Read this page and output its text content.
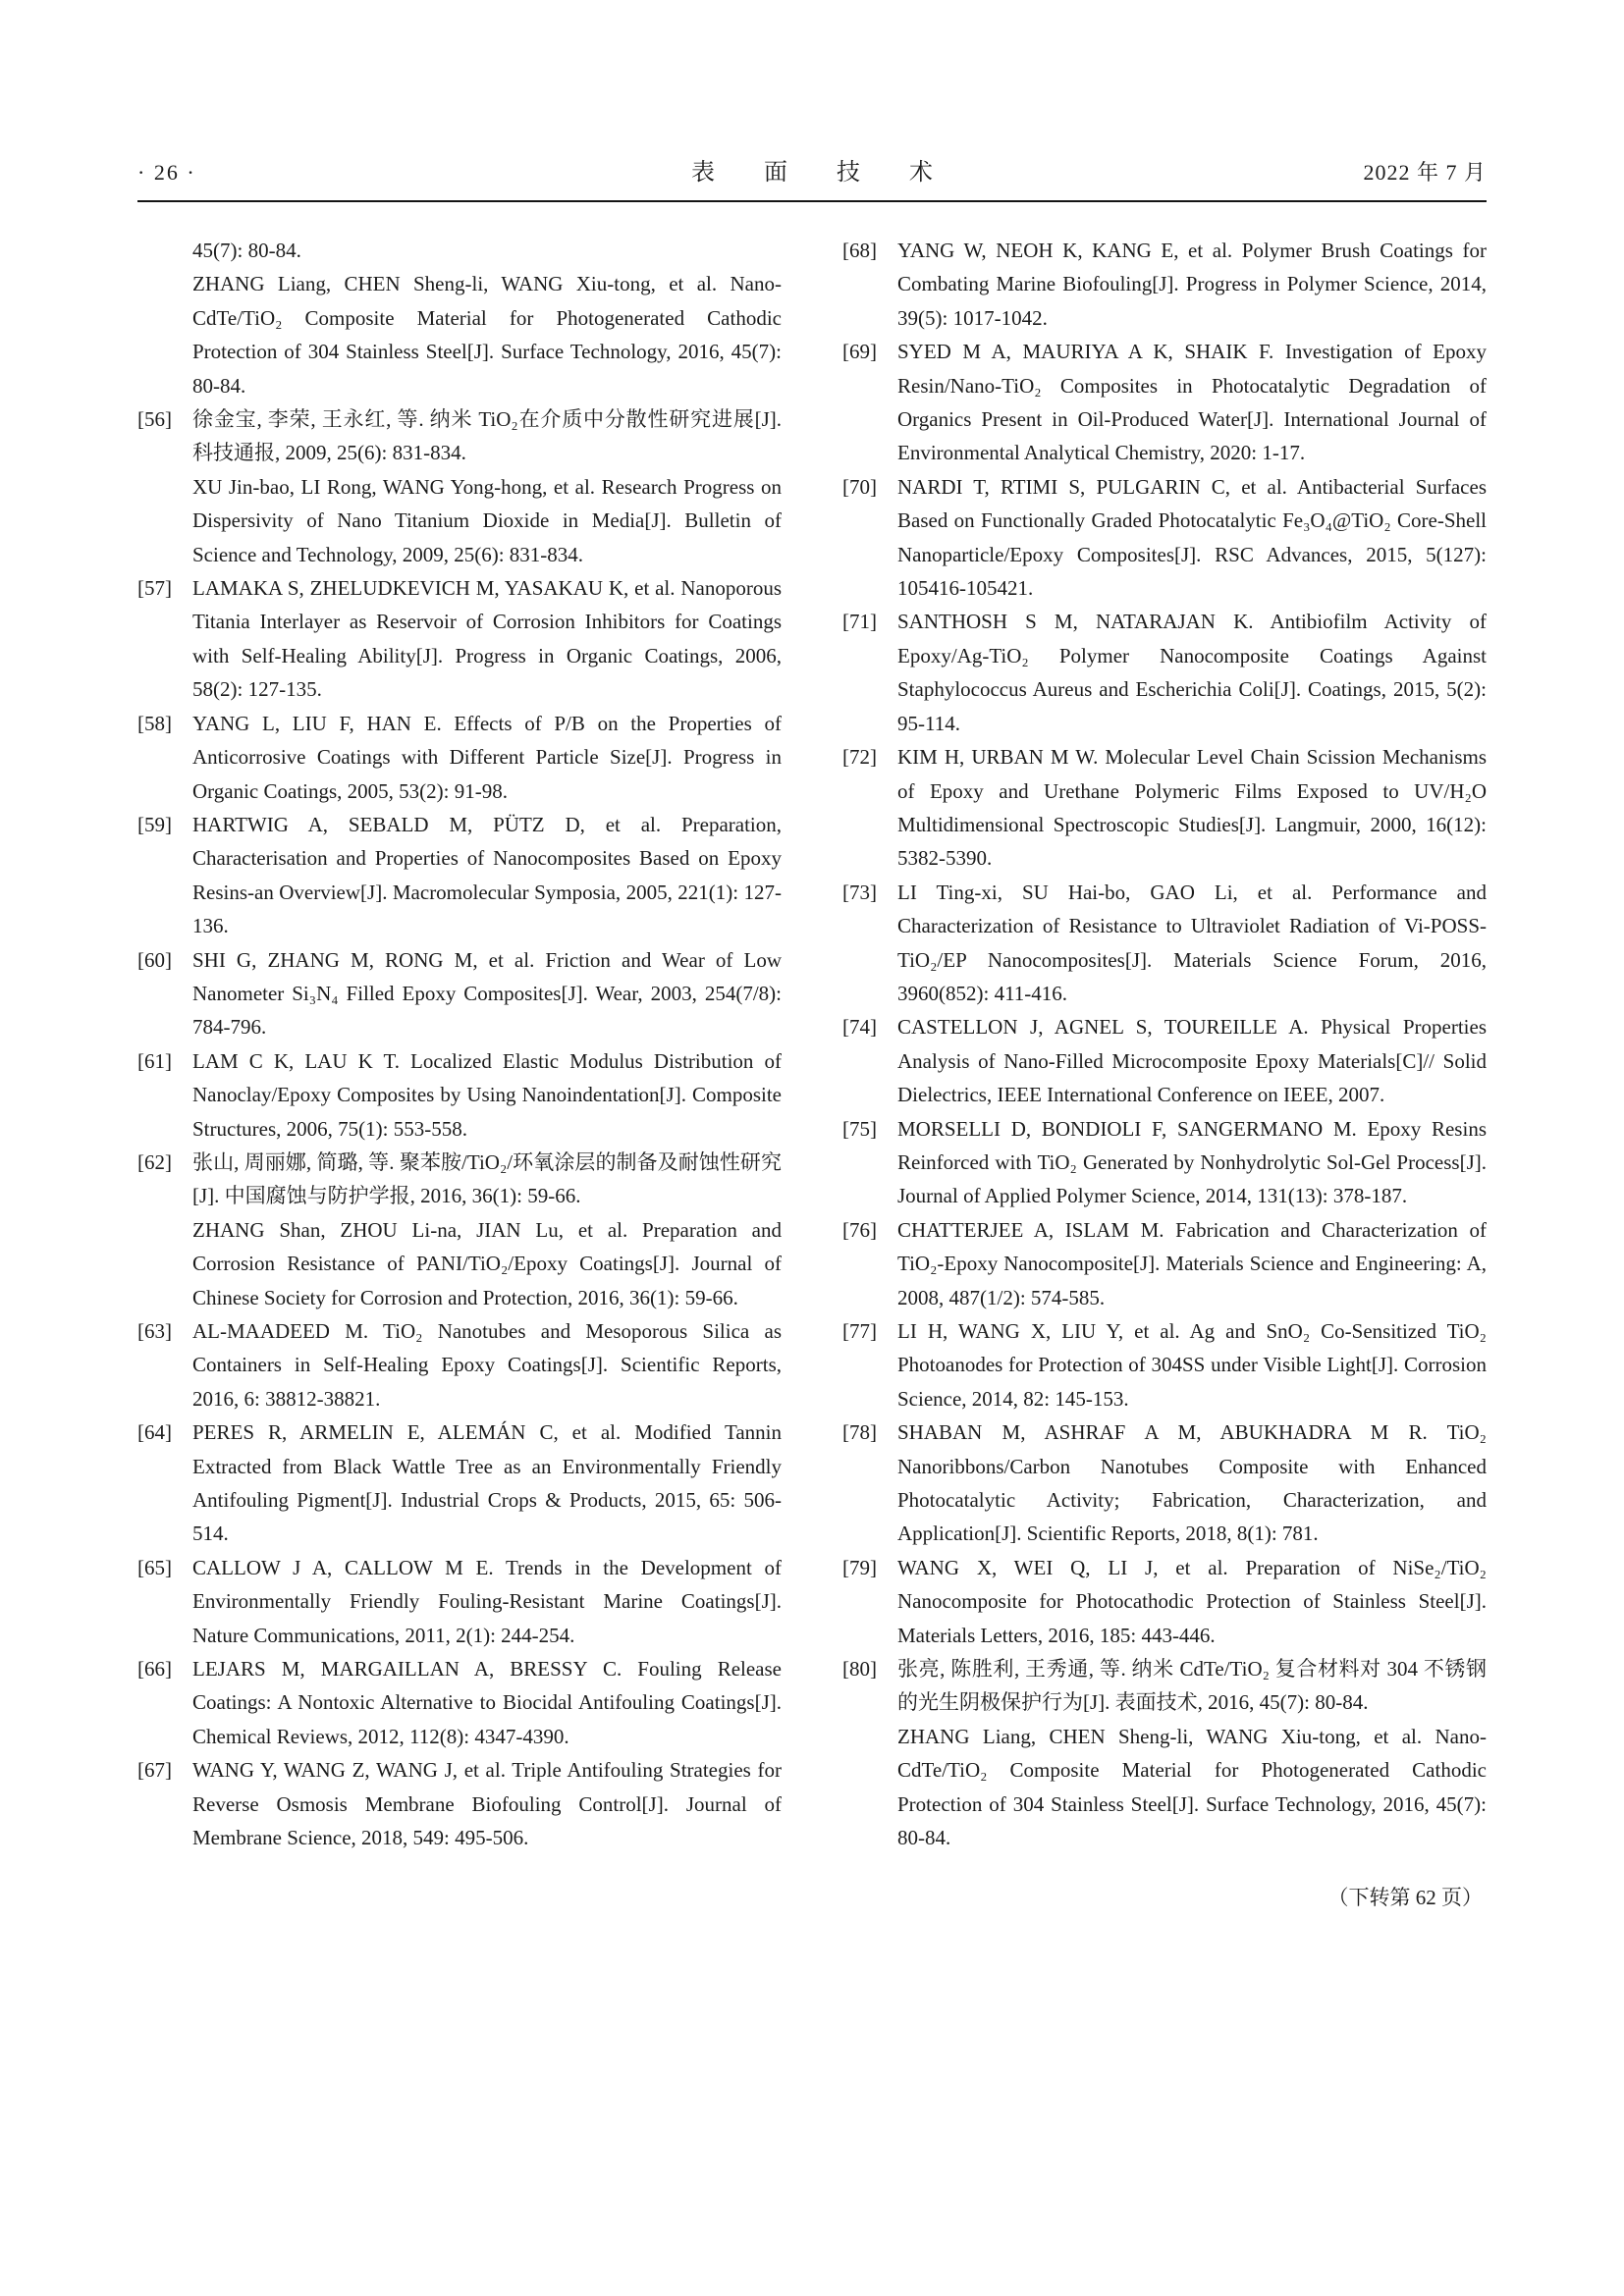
· 26 ·	表 面 技 术	2022 年 7 月

45(7): 80-84.

ZHANG Liang, CHEN Sheng-li, WANG Xiu-tong, et al. Nano-CdTe/TiO₂ Composite Material for Photogenerated Cathodic Protection of 304 Stainless Steel[J]. Surface Technology, 2016, 45(7): 80-84.

[56] 徐金宝, 李荣, 王永红, 等. 纳米 TiO₂在介质中分散性研究进展[J]. 科技通报, 2009, 25(6): 831-834.

XU Jin-bao, LI Rong, WANG Yong-hong, et al. Research Progress on Dispersivity of Nano Titanium Dioxide in Media[J]. Bulletin of Science and Technology, 2009, 25(6): 831-834.

[57] LAMAKA S, ZHELUDKEVICH M, YASAKAU K, et al. Nanoporous Titania Interlayer as Reservoir of Corrosion Inhibitors for Coatings with Self-Healing Ability[J]. Progress in Organic Coatings, 2006, 58(2): 127-135.

[58] YANG L, LIU F, HAN E. Effects of P/B on the Properties of Anticorrosive Coatings with Different Particle Size[J]. Progress in Organic Coatings, 2005, 53(2): 91-98.

[59] HARTWIG A, SEBALD M, PÜTZ D, et al. Preparation, Characterisation and Properties of Nanocomposites Based on Epoxy Resins-an Overview[J]. Macromolecular Symposia, 2005, 221(1): 127-136.

[60] SHI G, ZHANG M, RONG M, et al. Friction and Wear of Low Nanometer Si₃N₄ Filled Epoxy Composites[J]. Wear, 2003, 254(7/8): 784-796.

[61] LAM C K, LAU K T. Localized Elastic Modulus Distribution of Nanoclay/Epoxy Composites by Using Nanoindentation[J]. Composite Structures, 2006, 75(1): 553-558.

[62] 张山, 周丽娜, 简璐, 等. 聚苯胺/TiO₂/环氧涂层的制备及耐蚀性研究[J]. 中国腐蚀与防护学报, 2016, 36(1): 59-66.

ZHANG Shan, ZHOU Li-na, JIAN Lu, et al. Preparation and Corrosion Resistance of PANI/TiO₂/Epoxy Coatings[J]. Journal of Chinese Society for Corrosion and Protection, 2016, 36(1): 59-66.

[63] AL-MAADEED M. TiO₂ Nanotubes and Mesoporous Silica as Containers in Self-Healing Epoxy Coatings[J]. Scientific Reports, 2016, 6: 38812-38821.

[64] PERES R, ARMELIN E, ALEMÁN C, et al. Modified Tannin Extracted from Black Wattle Tree as an Environmentally Friendly Antifouling Pigment[J]. Industrial Crops & Products, 2015, 65: 506-514.

[65] CALLOW J A, CALLOW M E. Trends in the Development of Environmentally Friendly Fouling-Resistant Marine Coatings[J]. Nature Communications, 2011, 2(1): 244-254.

[66] LEJARS M, MARGAILLAN A, BRESSY C. Fouling Release Coatings: A Nontoxic Alternative to Biocidal Antifouling Coatings[J]. Chemical Reviews, 2012, 112(8): 4347-4390.

[67] WANG Y, WANG Z, WANG J, et al. Triple Antifouling Strategies for Reverse Osmosis Membrane Biofouling Control[J]. Journal of Membrane Science, 2018, 549: 495-506.

[68] YANG W, NEOH K, KANG E, et al. Polymer Brush Coatings for Combating Marine Biofouling[J]. Progress in Polymer Science, 2014, 39(5): 1017-1042.

[69] SYED M A, MAURIYA A K, SHAIK F. Investigation of Epoxy Resin/Nano-TiO₂ Composites in Photocatalytic Degradation of Organics Present in Oil-Produced Water[J]. International Journal of Environmental Analytical Chemistry, 2020: 1-17.

[70] NARDI T, RTIMI S, PULGARIN C, et al. Antibacterial Surfaces Based on Functionally Graded Photocatalytic Fe₃O₄@TiO₂ Core-Shell Nanoparticle/Epoxy Composites[J]. RSC Advances, 2015, 5(127): 105416-105421.

[71] SANTHOSH S M, NATARAJAN K. Antibiofilm Activity of Epoxy/Ag-TiO₂ Polymer Nanocomposite Coatings Against Staphylococcus Aureus and Escherichia Coli[J]. Coatings, 2015, 5(2): 95-114.

[72] KIM H, URBAN M W. Molecular Level Chain Scission Mechanisms of Epoxy and Urethane Polymeric Films Exposed to UV/H₂O Multidimensional Spectroscopic Studies[J]. Langmuir, 2000, 16(12): 5382-5390.

[73] LI Ting-xi, SU Hai-bo, GAO Li, et al. Performance and Characterization of Resistance to Ultraviolet Radiation of Vi-POSS-TiO₂/EP Nanocomposites[J]. Materials Science Forum, 2016, 3960(852): 411-416.

[74] CASTELLON J, AGNEL S, TOUREILLE A. Physical Properties Analysis of Nano-Filled Microcomposite Epoxy Materials[C]// Solid Dielectrics, IEEE International Conference on IEEE, 2007.

[75] MORSELLI D, BONDIOLI F, SANGERMANO M. Epoxy Resins Reinforced with TiO₂ Generated by Nonhydrolytic Sol-Gel Process[J]. Journal of Applied Polymer Science, 2014, 131(13): 378-187.

[76] CHATTERJEE A, ISLAM M. Fabrication and Characterization of TiO₂-Epoxy Nanocomposite[J]. Materials Science and Engineering: A, 2008, 487(1/2): 574-585.

[77] LI H, WANG X, LIU Y, et al. Ag and SnO₂ Co-Sensitized TiO₂ Photoanodes for Protection of 304SS under Visible Light[J]. Corrosion Science, 2014, 82: 145-153.

[78] SHABAN M, ASHRAF A M, ABUKHADRA M R. TiO₂ Nanoribbons/Carbon Nanotubes Composite with Enhanced Photocatalytic Activity; Fabrication, Characterization, and Application[J]. Scientific Reports, 2018, 8(1): 781.

[79] WANG X, WEI Q, LI J, et al. Preparation of NiSe₂/TiO₂ Nanocomposite for Photocathodic Protection of Stainless Steel[J]. Materials Letters, 2016, 185: 443-446.

[80] 张亮, 陈胜利, 王秀通, 等. 纳米 CdTe/TiO₂ 复合材料对 304 不锈钢的光生阴极保护行为[J]. 表面技术, 2016, 45(7): 80-84.

ZHANG Liang, CHEN Sheng-li, WANG Xiu-tong, et al. Nano-CdTe/TiO₂ Composite Material for Photogenerated Cathodic Protection of 304 Stainless Steel[J]. Surface Technology, 2016, 45(7): 80-84.

（下转第 62 页）
